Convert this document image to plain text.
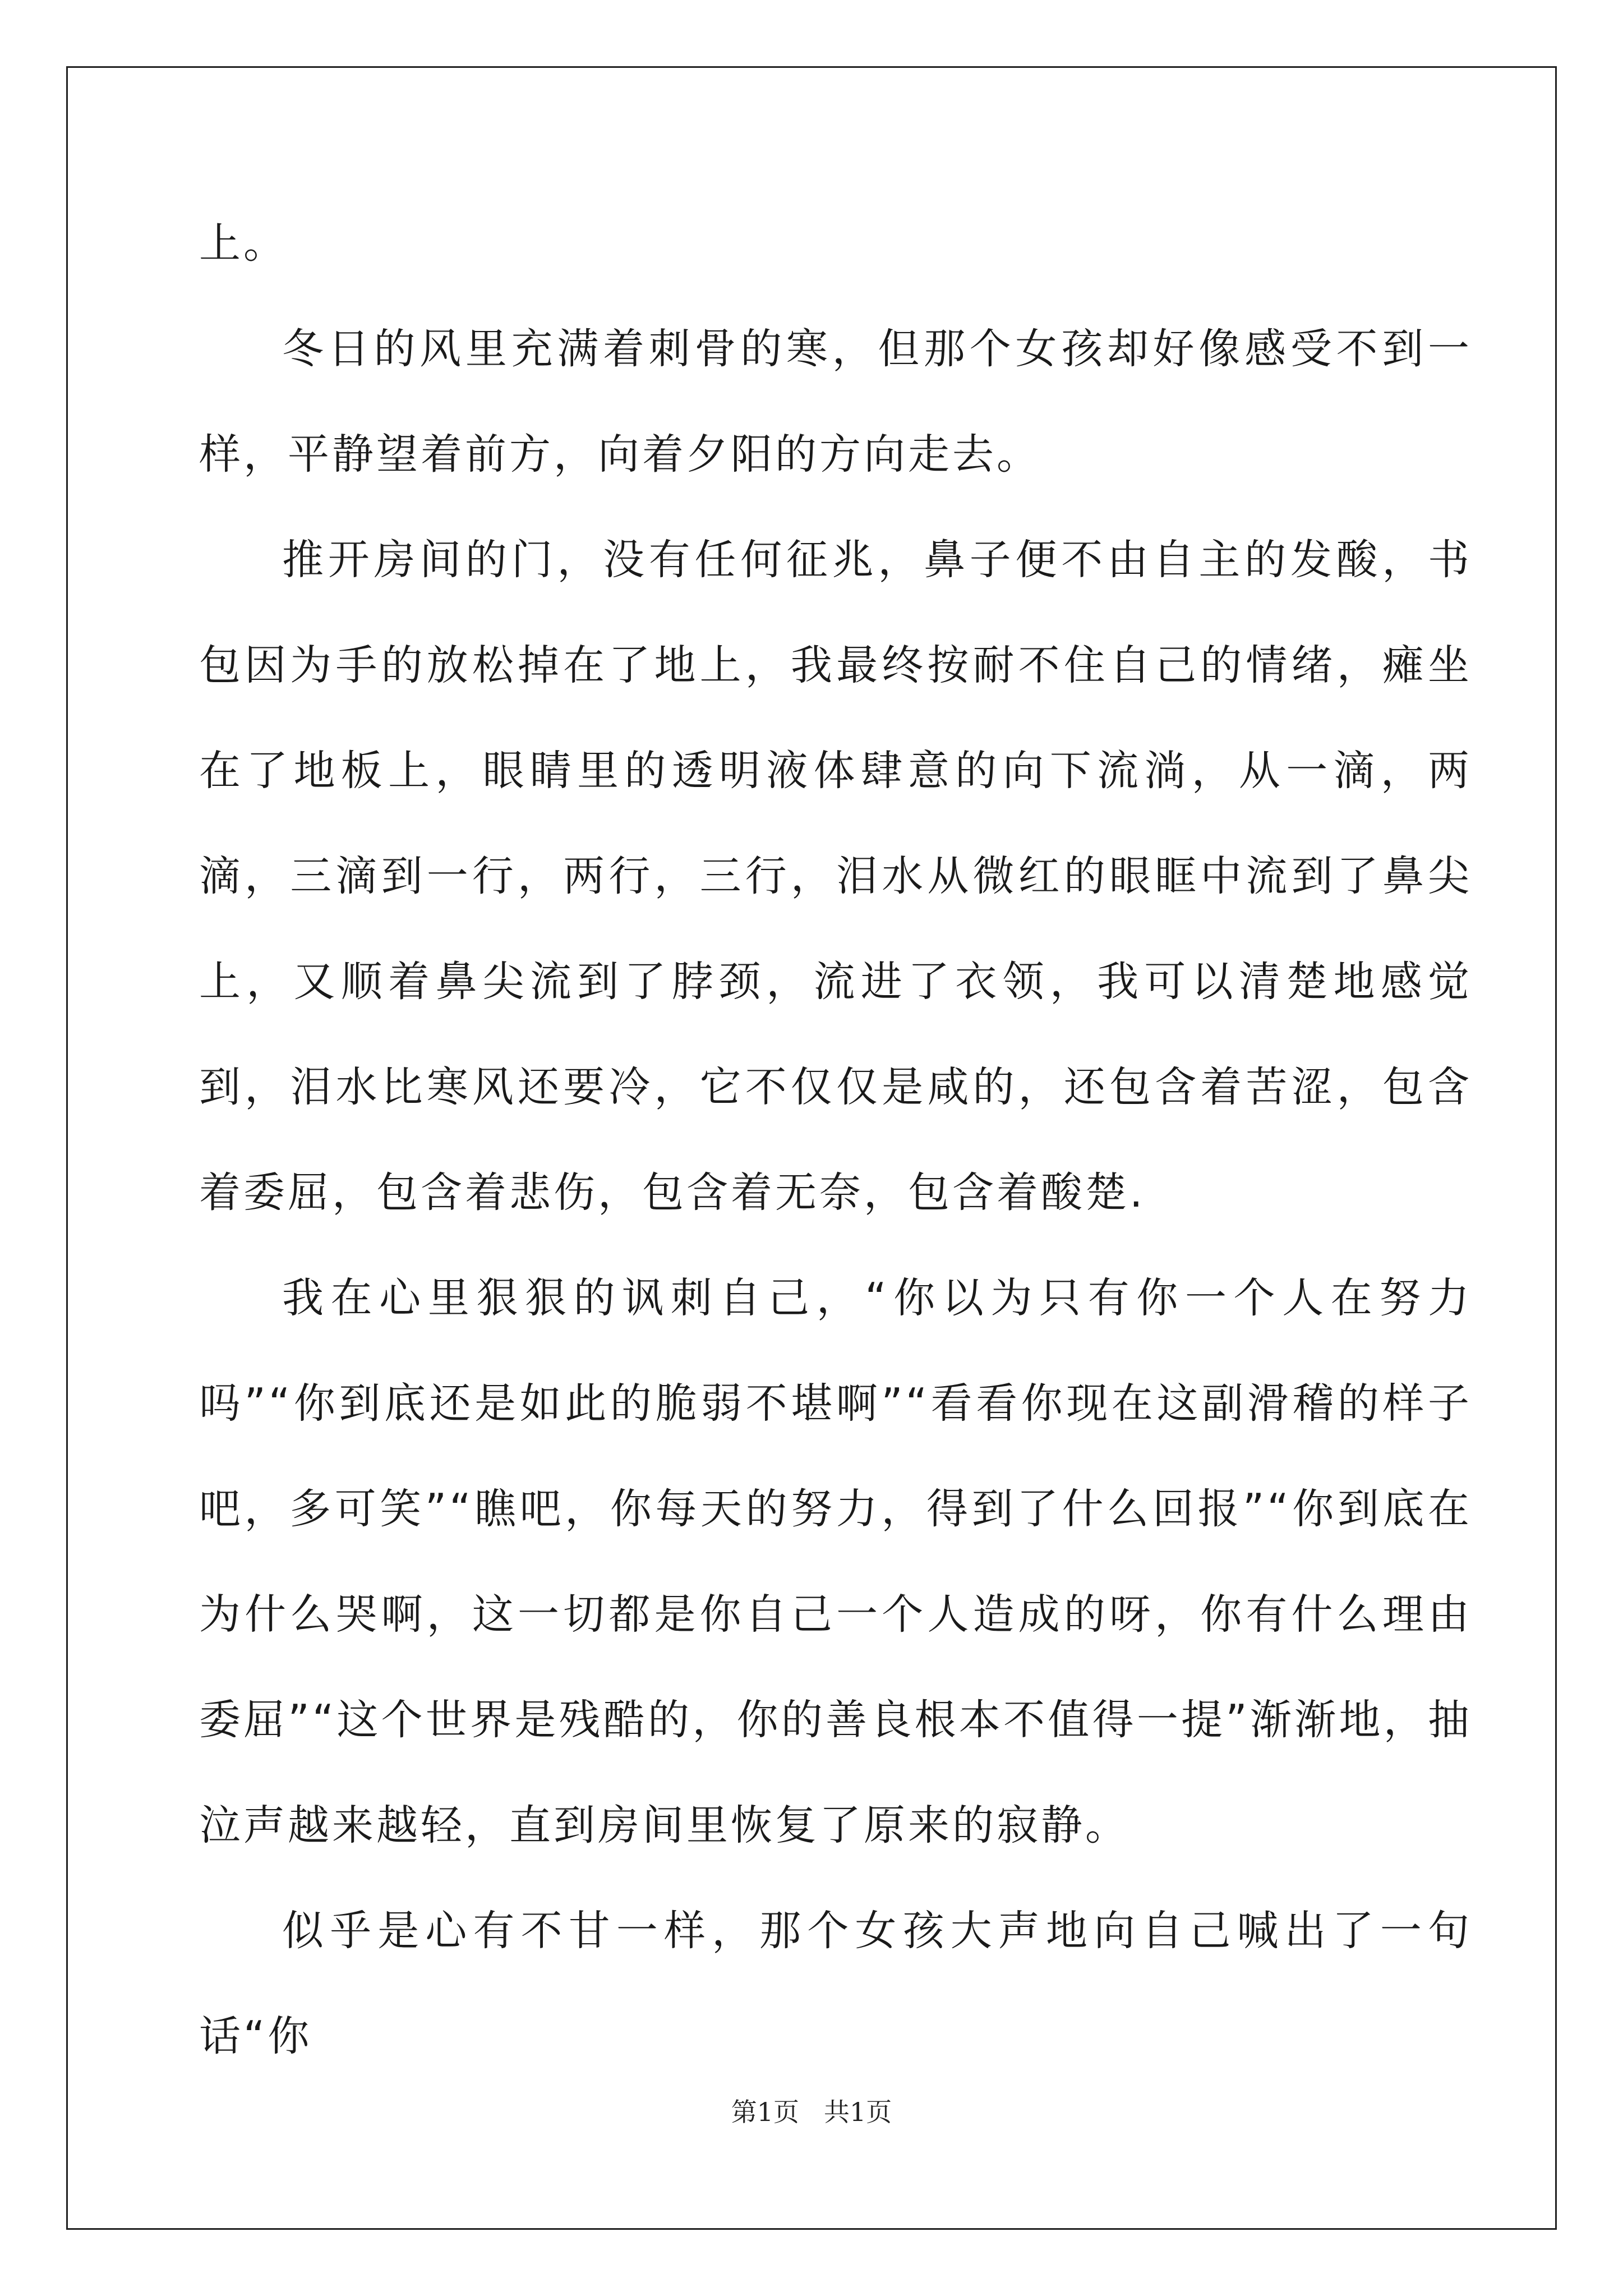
上。

冬日的风里充满着刺骨的寒，但那个女孩却好像感受不到一样，平静望着前方，向着夕阳的方向走去。

推开房间的门，没有任何征兆，鼻子便不由自主的发酸，书包因为手的放松掉在了地上，我最终按耐不住自己的情绪，瘫坐在了地板上，眼睛里的透明液体肆意的向下流淌，从一滴，两滴，三滴到一行，两行，三行，泪水从微红的眼眶中流到了鼻尖上，又顺着鼻尖流到了脖颈，流进了衣领，我可以清楚地感觉到，泪水比寒风还要冷，它不仅仅是咸的，还包含着苦涩，包含着委屈，包含着悲伤，包含着无奈，包含着酸楚.

我在心里狠狠的讽刺自己，“你以为只有你一个人在努力吗”“你到底还是如此的脆弱不堪啊”“看看你现在这副滑稽的样子吧，多可笑”“瞧吧，你每天的努力，得到了什么回报”“你到底在为什么哭啊，这一切都是你自己一个人造成的呀，你有什么理由委屈”“这个世界是残酷的，你的善良根本不值得一提”渐渐地，抽泣声越来越轻，直到房间里恢复了原来的寂静。

似乎是心有不甘一样，那个女孩大声地向自己喊出了一句话“你

第1页 共1页
